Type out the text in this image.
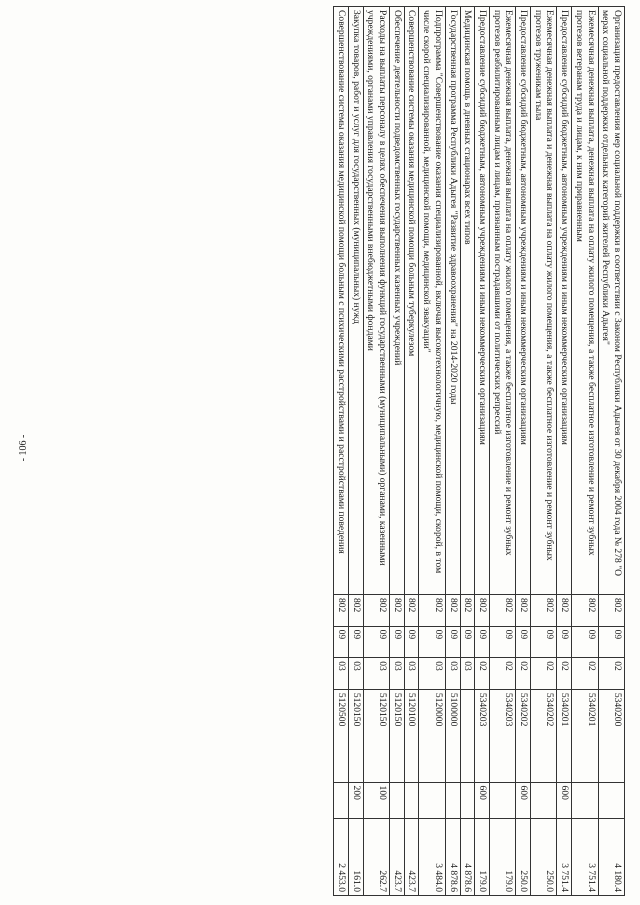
- 106 -	Организация предоставления мер социальной поддержки в соответствии с Законом Республики Адыгея от 30 декабря 2004 года № 278 "О мерах социальной поддержки отдельных категорий жителей Республики Адыгея"	802	09	02	5340200		4 180.4
Ежемесячная денежная выплата, денежная выплата на оплату жилого помещения, а также бесплатное изготовление и ремонт зубных протезов ветеранам труда и лицам, к ним приравненным	802	09	02	5340201		3 751.4
Предоставление субсидий бюджетным, автономным учреждениям и иным некоммерческим организациям	802	09	02	5340201	600	3 751.4
Ежемесячная денежная выплата и денежная выплата на оплату жилого помещения, а также бесплатное изготовление и ремонт зубных протезов труженикам тыла	802	09	02	5340202		250.0
Предоставление субсидий бюджетным, автономным учреждениям и иным некоммерческим организациям	802	09	02	5340202	600	250.0
Ежемесячная денежная выплата, денежная выплата на оплату жилого помещения, а также бесплатное изготовление и ремонт зубных протезов реабилитированным лицам и лицам, признанным пострадавшими от политических репрессий	802	09	02	5340203		179.0
Предоставление субсидий бюджетным, автономным учреждениям и иным некоммерческим организациям	802	09	02	5340203	600	179.0
Медицинская помощь в дневных стационарах всех типов	802	09	03			4 878.6
Государственная программа Республики Адыгея "Развитие здравоохранения" на 2014-2020 годы	802	09	03	5100000		4 878.6
Подпрограмма "Совершенствование оказания специализированной, включая высокотехнологичную, медицинской помощи, скорой, в том числе скорой специализированной, медицинской помощи, медицинской эвакуации"	802	09	03	5120000		3 484.0
Совершенствование системы оказания медицинской помощи больным туберкулезом	802	09	03	5120100		423.7
Обеспечение деятельности подведомственных государственных казенных учреждений	802	09	03	5120150		423.7
Расходы на выплаты персоналу в целях обеспечения выполнения функций государственными (муниципальными) органами, казенными учреждениями, органами управления государственными внебюджетными фондами	802	09	03	5120150	100	262.7
Закупка товаров, работ и услуг для государственных (муниципальных) нужд	802	09	03	5120150	200	161.0
Совершенствование системы оказания медицинской помощи больным с психическими расстройствами и расстройствами поведения	802	09	03	5120500		2 453.0
